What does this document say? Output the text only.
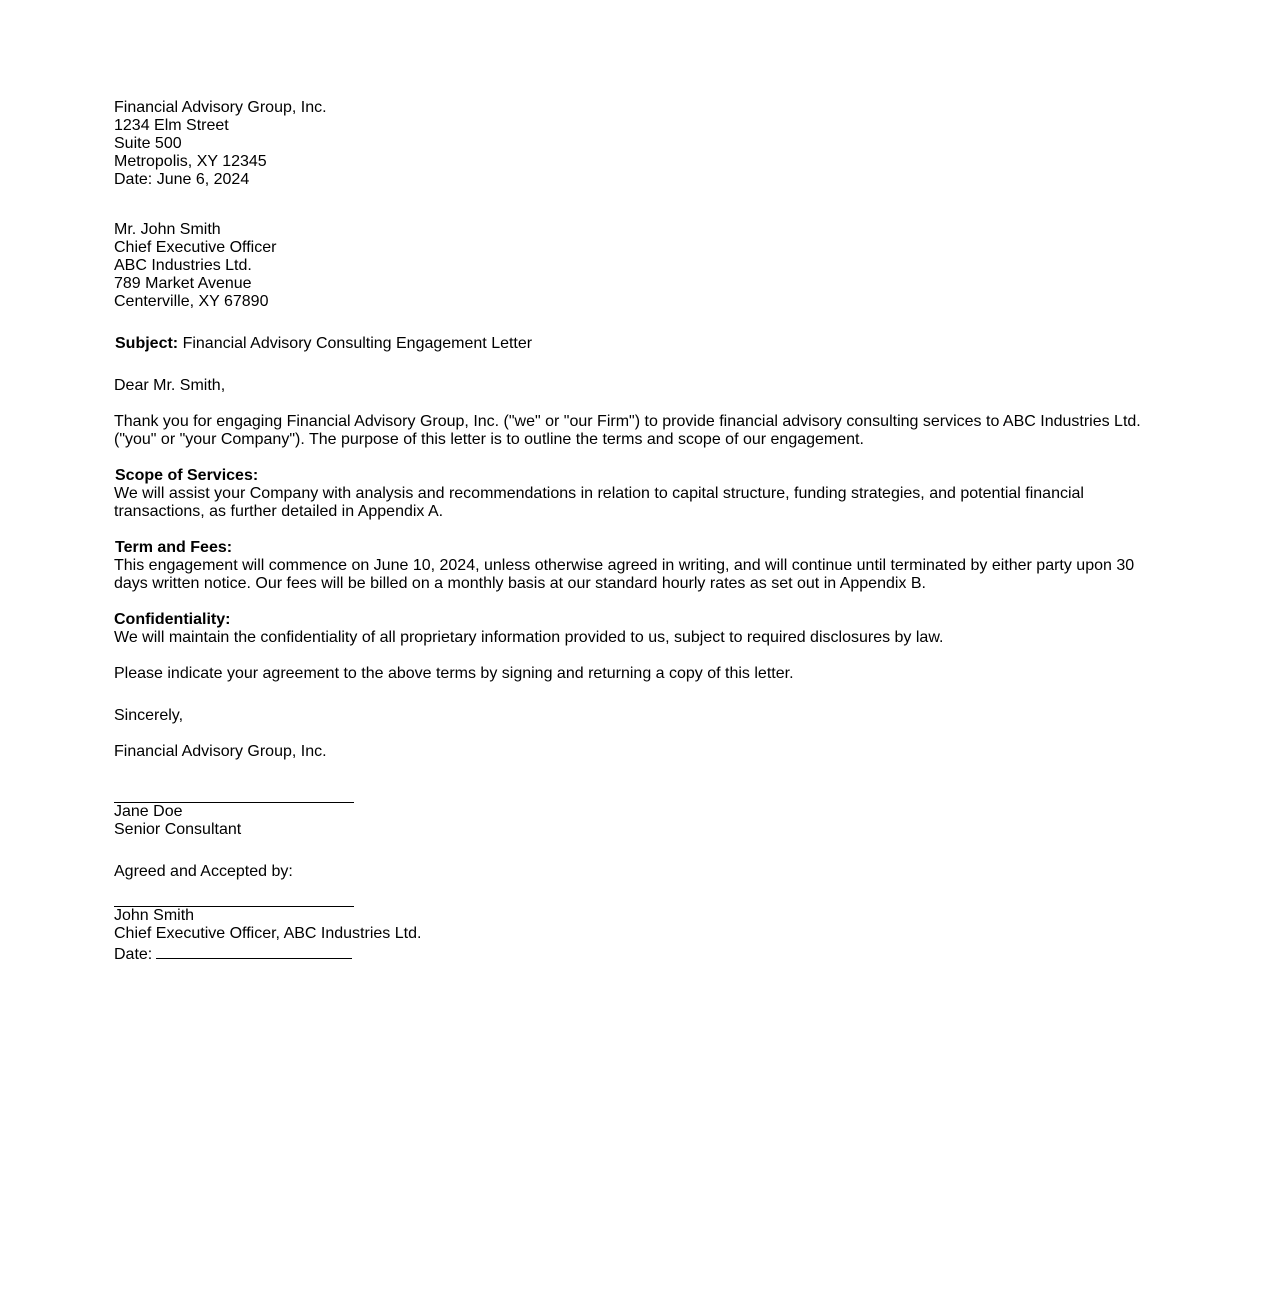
Financial Advisory Group, Inc.
1234 Elm Street
Suite 500
Metropolis, XY 12345
Date: June 6, 2024
Mr. John Smith
Chief Executive Officer
ABC Industries Ltd.
789 Market Avenue
Centerville, XY 67890
Subject: Financial Advisory Consulting Engagement Letter
Dear Mr. Smith,
Thank you for engaging Financial Advisory Group, Inc. ("we" or "our Firm") to provide financial advisory consulting services to ABC Industries Ltd. ("you" or "your Company"). The purpose of this letter is to outline the terms and scope of our engagement.
Scope of Services:
We will assist your Company with analysis and recommendations in relation to capital structure, funding strategies, and potential financial transactions, as further detailed in Appendix A.
Term and Fees:
This engagement will commence on June 10, 2024, unless otherwise agreed in writing, and will continue until terminated by either party upon 30 days written notice. Our fees will be billed on a monthly basis at our standard hourly rates as set out in Appendix B.
Confidentiality:
We will maintain the confidentiality of all proprietary information provided to us, subject to required disclosures by law.
Please indicate your agreement to the above terms by signing and returning a copy of this letter.
Sincerely,
Financial Advisory Group, Inc.
Jane Doe
Senior Consultant
Agreed and Accepted by:
John Smith
Chief Executive Officer, ABC Industries Ltd.
Date:
